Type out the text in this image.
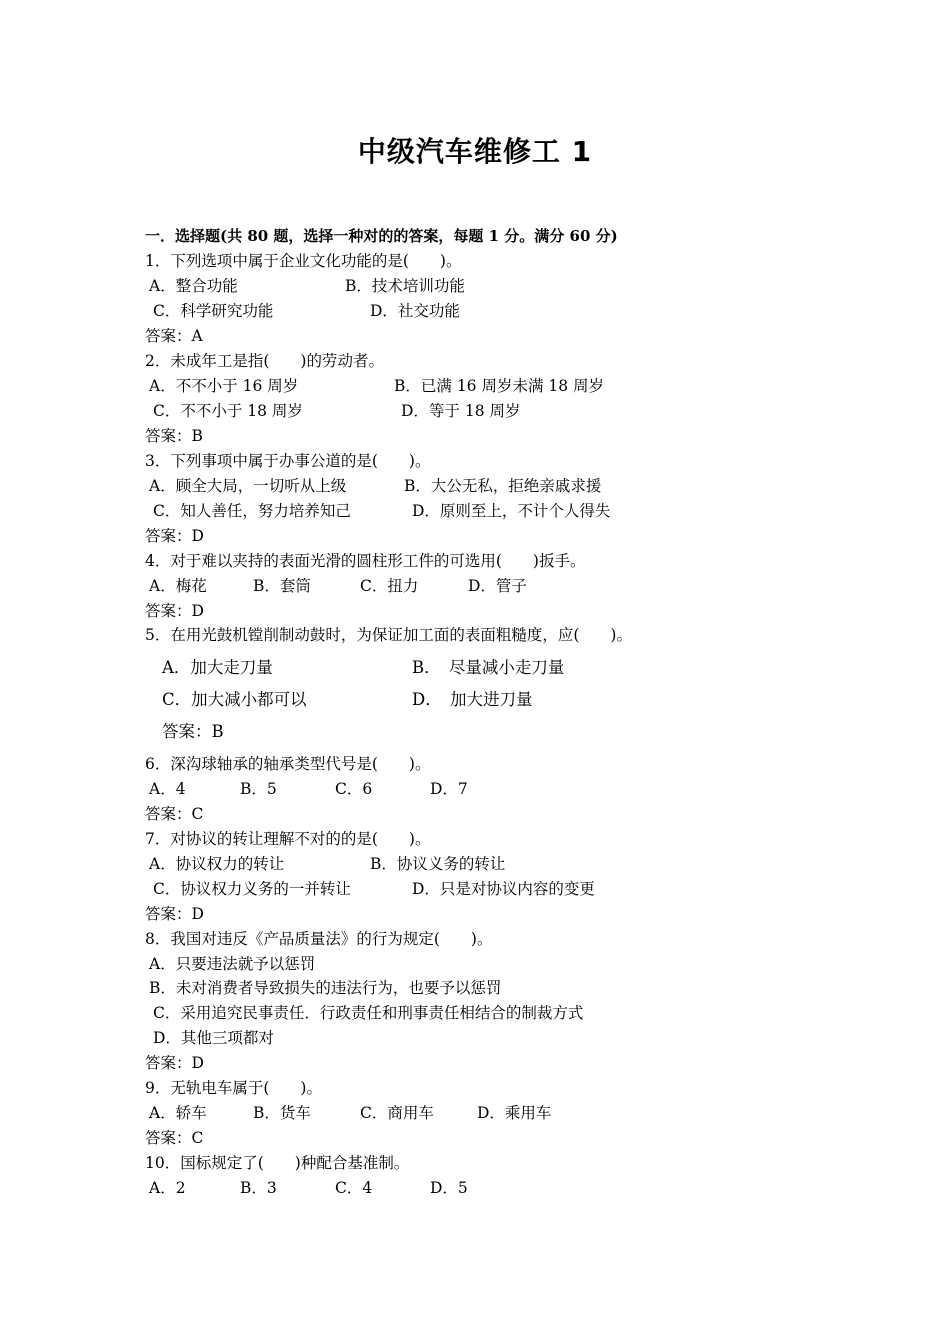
中级汽车维修工 1
一．选择题(共 80 题，选择一种对的的答案，每题 1 分。满分 60 分)
1．下列选项中属于企业文化功能的是(　　)。
A．整合功能	B．技术培训功能
C．科学研究功能	D．社交功能
答案：A
2．未成年工是指(　　)的劳动者。
A．不不小于 16 周岁	B．已满 16 周岁未满 18 周岁
C．不不小于 18 周岁	D．等于 18 周岁
答案：B
3．下列事项中属于办事公道的是(　　)。
A．顾全大局，一切听从上级	B．大公无私，拒绝亲戚求援
C．知人善任，努力培养知己	D．原则至上，不计个人得失
答案：D
4．对于难以夹持的表面光滑的圆柱形工件的可选用(　　)扳手。
A．梅花	B．套筒	C．扭力	D．管子
答案：D
5．在用光鼓机镗削制动鼓时，为保证加工面的表面粗糙度，应(　　)。
A．加大走刀量	B．　尽量减小走刀量
C．加大减小都可以	D．　加大进刀量
答案：B
6．深沟球轴承的轴承类型代号是(　　)。
A．4	B．5	C．6	D．7
答案：C
7．对协议的转让理解不对的的是(　　)。
A．协议权力的转让	B．协议义务的转让
C．协议权力义务的一并转让	D．只是对协议内容的变更
答案：D
8．我国对违反《产品质量法》的行为规定(　　)。
A．只要违法就予以惩罚
B．未对消费者导致损失的违法行为，也要予以惩罚
C．采用追究民事责任．行政责任和刑事责任相结合的制裁方式
D．其他三项都对
答案：D
9．无轨电车属于(　　)。
A．轿车	B．货车	C．商用车	D．乘用车
答案：C
10．国标规定了(　　)种配合基准制。
A．2	B．3	C．4	D．5
